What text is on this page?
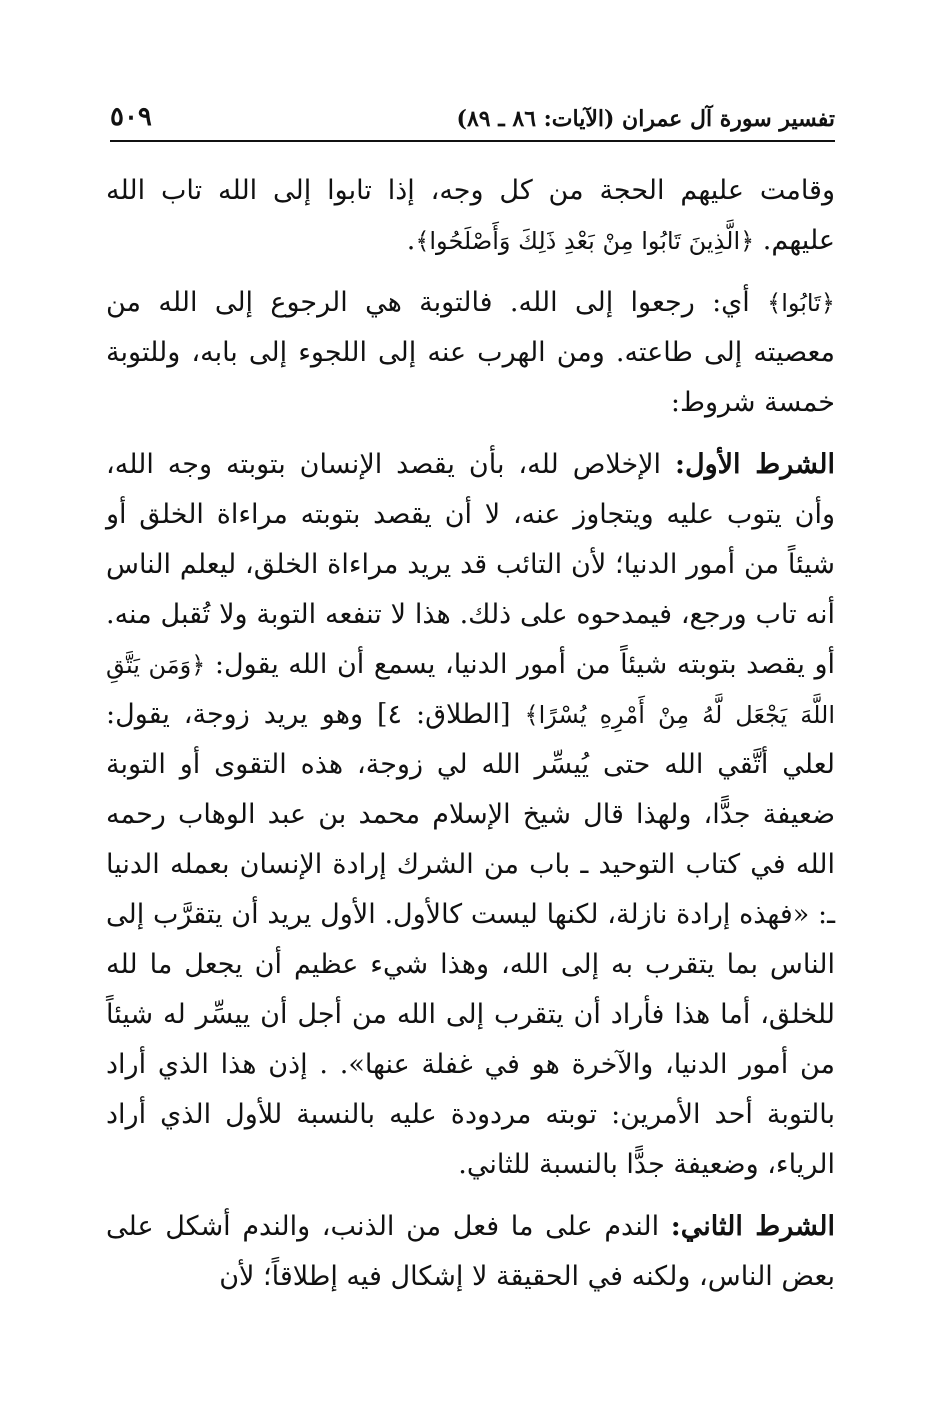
تفسير سورة آل عمران (الآيات: ٨٦ ـ ٨٩)
٥٠٩

وقامت عليهم الحجة من كل وجه، إذا تابوا إلى الله تاب الله عليهم. ﴿الَّذِينَ تَابُوا مِنْ بَعْدِ ذَلِكَ وَأَصْلَحُوا﴾.

﴿تَابُوا﴾ أي: رجعوا إلى الله. فالتوبة هي الرجوع إلى الله من معصيته إلى طاعته. ومن الهرب عنه إلى اللجوء إلى بابه، وللتوبة خمسة شروط:

الشرط الأول: الإخلاص لله، بأن يقصد الإنسان بتوبته وجه الله، وأن يتوب عليه ويتجاوز عنه، لا أن يقصد بتوبته مراءاة الخلق أو شيئاً من أمور الدنيا؛ لأن التائب قد يريد مراءاة الخلق، ليعلم الناس أنه تاب ورجع، فيمدحوه على ذلك. هذا لا تنفعه التوبة ولا تُقبل منه. أو يقصد بتوبته شيئاً من أمور الدنيا، يسمع أن الله يقول: ﴿وَمَن يَتَّقِ اللَّهَ يَجْعَل لَّهُ مِنْ أَمْرِهِ يُسْرًا﴾ [الطلاق: ٤] وهو يريد زوجة، يقول: لعلي أتَّقي الله حتى يُيسِّر الله لي زوجة، هذه التقوى أو التوبة ضعيفة جدًّا، ولهذا قال شيخ الإسلام محمد بن عبد الوهاب رحمه الله في كتاب التوحيد ـ باب من الشرك إرادة الإنسان بعمله الدنيا ـ: «فهذه إرادة نازلة، لكنها ليست كالأول. الأول يريد أن يتقرَّب إلى الناس بما يتقرب به إلى الله، وهذا شيء عظيم أن يجعل ما لله للخلق، أما هذا فأراد أن يتقرب إلى الله من أجل أن ييسِّر له شيئاً من أمور الدنيا، والآخرة هو في غفلة عنها». . إذن هذا الذي أراد بالتوبة أحد الأمرين: توبته مردودة عليه بالنسبة للأول الذي أراد الرياء، وضعيفة جدًّا بالنسبة للثاني.

الشرط الثاني: الندم على ما فعل من الذنب، والندم أشكل على بعض الناس، ولكنه في الحقيقة لا إشكال فيه إطلاقاً؛ لأن
